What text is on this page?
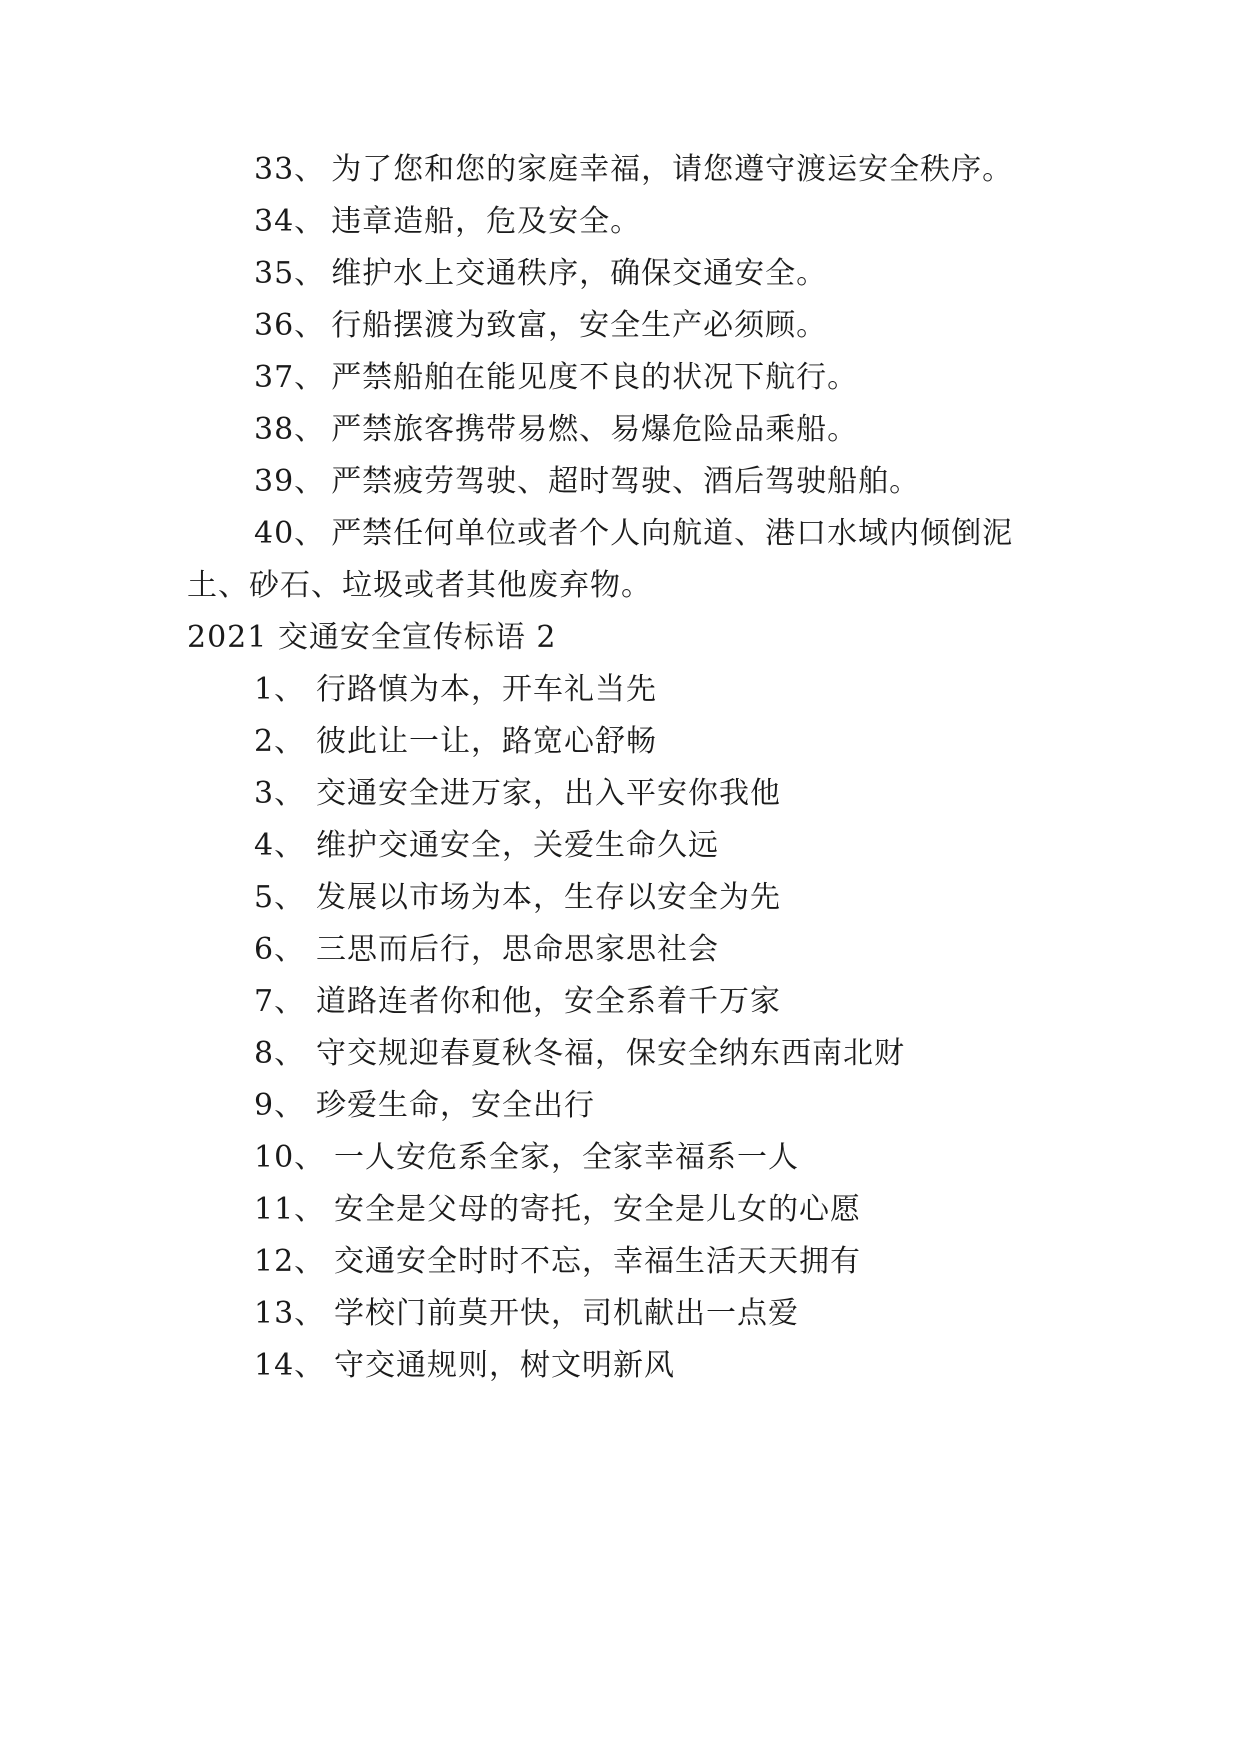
33、 为了您和您的家庭幸福，请您遵守渡运安全秩序。
34、 违章造船，危及安全。
35、 维护水上交通秩序，确保交通安全。
36、 行船摆渡为致富，安全生产必须顾。
37、 严禁船舶在能见度不良的状况下航行。
38、 严禁旅客携带易燃、易爆危险品乘船。
39、 严禁疲劳驾驶、超时驾驶、酒后驾驶船舶。
40、 严禁任何单位或者个人向航道、港口水域内倾倒泥
土、砂石、垃圾或者其他废弃物。
2021 交通安全宣传标语 2
1、 行路慎为本，开车礼当先
2、 彼此让一让，路宽心舒畅
3、 交通安全进万家，出入平安你我他
4、 维护交通安全，关爱生命久远
5、 发展以市场为本，生存以安全为先
6、 三思而后行，思命思家思社会
7、 道路连者你和他，安全系着千万家
8、 守交规迎春夏秋冬福，保安全纳东西南北财
9、 珍爱生命，安全出行
10、 一人安危系全家，全家幸福系一人
11、 安全是父母的寄托，安全是儿女的心愿
12、 交通安全时时不忘，幸福生活天天拥有
13、 学校门前莫开快，司机献出一点爱
14、 守交通规则，树文明新风
